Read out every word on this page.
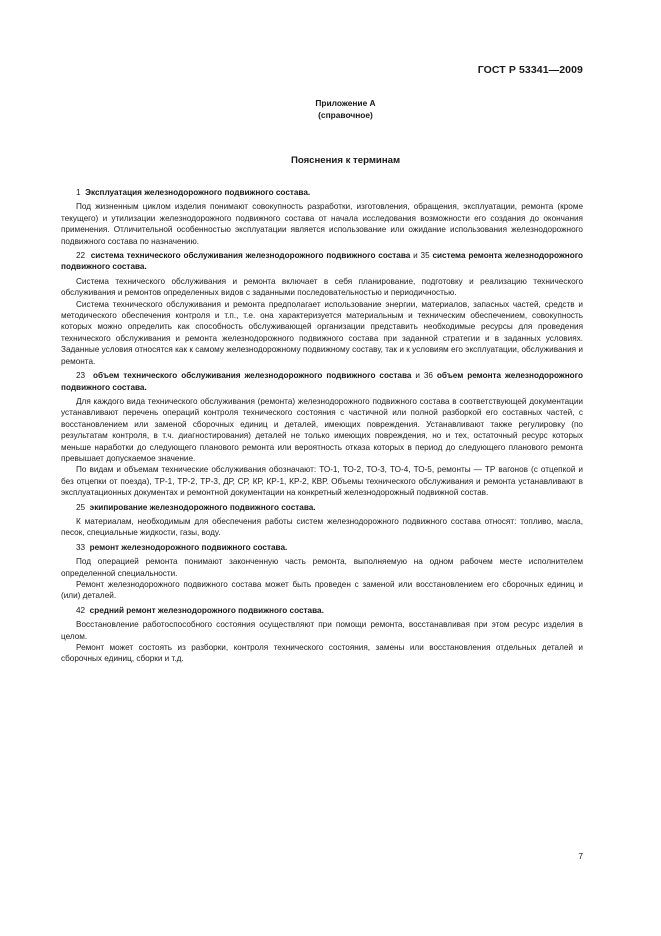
ГОСТ Р 53341—2009
Приложение А
(справочное)
Пояснения к терминам

1 Эксплуатация железнодорожного подвижного состава.

Под жизненным циклом изделия понимают совокупность разработки, изготовления, обращения, эксплуатации, ремонта (кроме текущего) и утилизации железнодорожного подвижного состава от начала исследования возможности его создания до окончания применения. Отличительной особенностью эксплуатации является использование или ожидание использования железнодорожного подвижного состава по назначению.

22 система технического обслуживания железнодорожного подвижного состава и 35 система ремонта железнодорожного подвижного состава.

Система технического обслуживания и ремонта включает в себя планирование, подготовку и реализацию технического обслуживания и ремонтов определенных видов с заданными последовательностью и периодичностью.

Система технического обслуживания и ремонта предполагает использование энергии, материалов, запасных частей, средств и методического обеспечения контроля и т.п., т.е. она характеризуется материальным и техническим обеспечением, совокупность которых можно определить как способность обслуживающей организации представить необходимые ресурсы для проведения технического обслуживания и ремонта железнодорожного подвижного состава при заданной стратегии и в заданных условиях. Заданные условия относятся как к самому железнодорожному подвижному составу, так и к условиям его эксплуатации, обслуживания и ремонта.

23 объем технического обслуживания железнодорожного подвижного состава и 36 объем ремонта железнодорожного подвижного состава.

Для каждого вида технического обслуживания (ремонта) железнодорожного подвижного состава в соответствующей документации устанавливают перечень операций контроля технического состояния с частичной или полной разборкой его составных частей, с восстановлением или заменой сборочных единиц и деталей, имеющих повреждения. Устанавливают также регулировку (по результатам контроля, в т.ч. диагностирования) деталей не только имеющих повреждения, но и тех, остаточный ресурс которых меньше наработки до следующего планового ремонта или вероятность отказа которых в период до следующего планового ремонта превышает допускаемое значение.

По видам и объемам технические обслуживания обозначают: ТО-1, ТО-2, ТО-3, ТО-4, ТО-5, ремонты — ТР вагонов (с отцепкой и без отцепки от поезда), ТР-1, ТР-2, ТР-3, ДР, СР, КР, КР-1, КР-2, КВР. Объемы технического обслуживания и ремонта устанавливают в эксплуатационных документах и ремонтной документации на конкретный железнодорожный подвижной состав.

25 экипирование железнодорожного подвижного состава.

К материалам, необходимым для обеспечения работы систем железнодорожного подвижного состава относят: топливо, масла, песок, специальные жидкости, газы, воду.

33 ремонт железнодорожного подвижного состава.

Под операцией ремонта понимают законченную часть ремонта, выполняемую на одном рабочем месте исполнителем определенной специальности.

Ремонт железнодорожного подвижного состава может быть проведен с заменой или восстановлением его сборочных единиц и (или) деталей.

42 средний ремонт железнодорожного подвижного состава.

Восстановление работоспособного состояния осуществляют при помощи ремонта, восстанавливая при этом ресурс изделия в целом.

Ремонт может состоять из разборки, контроля технического состояния, замены или восстановления отдельных деталей и сборочных единиц, сборки и т.д.

7
